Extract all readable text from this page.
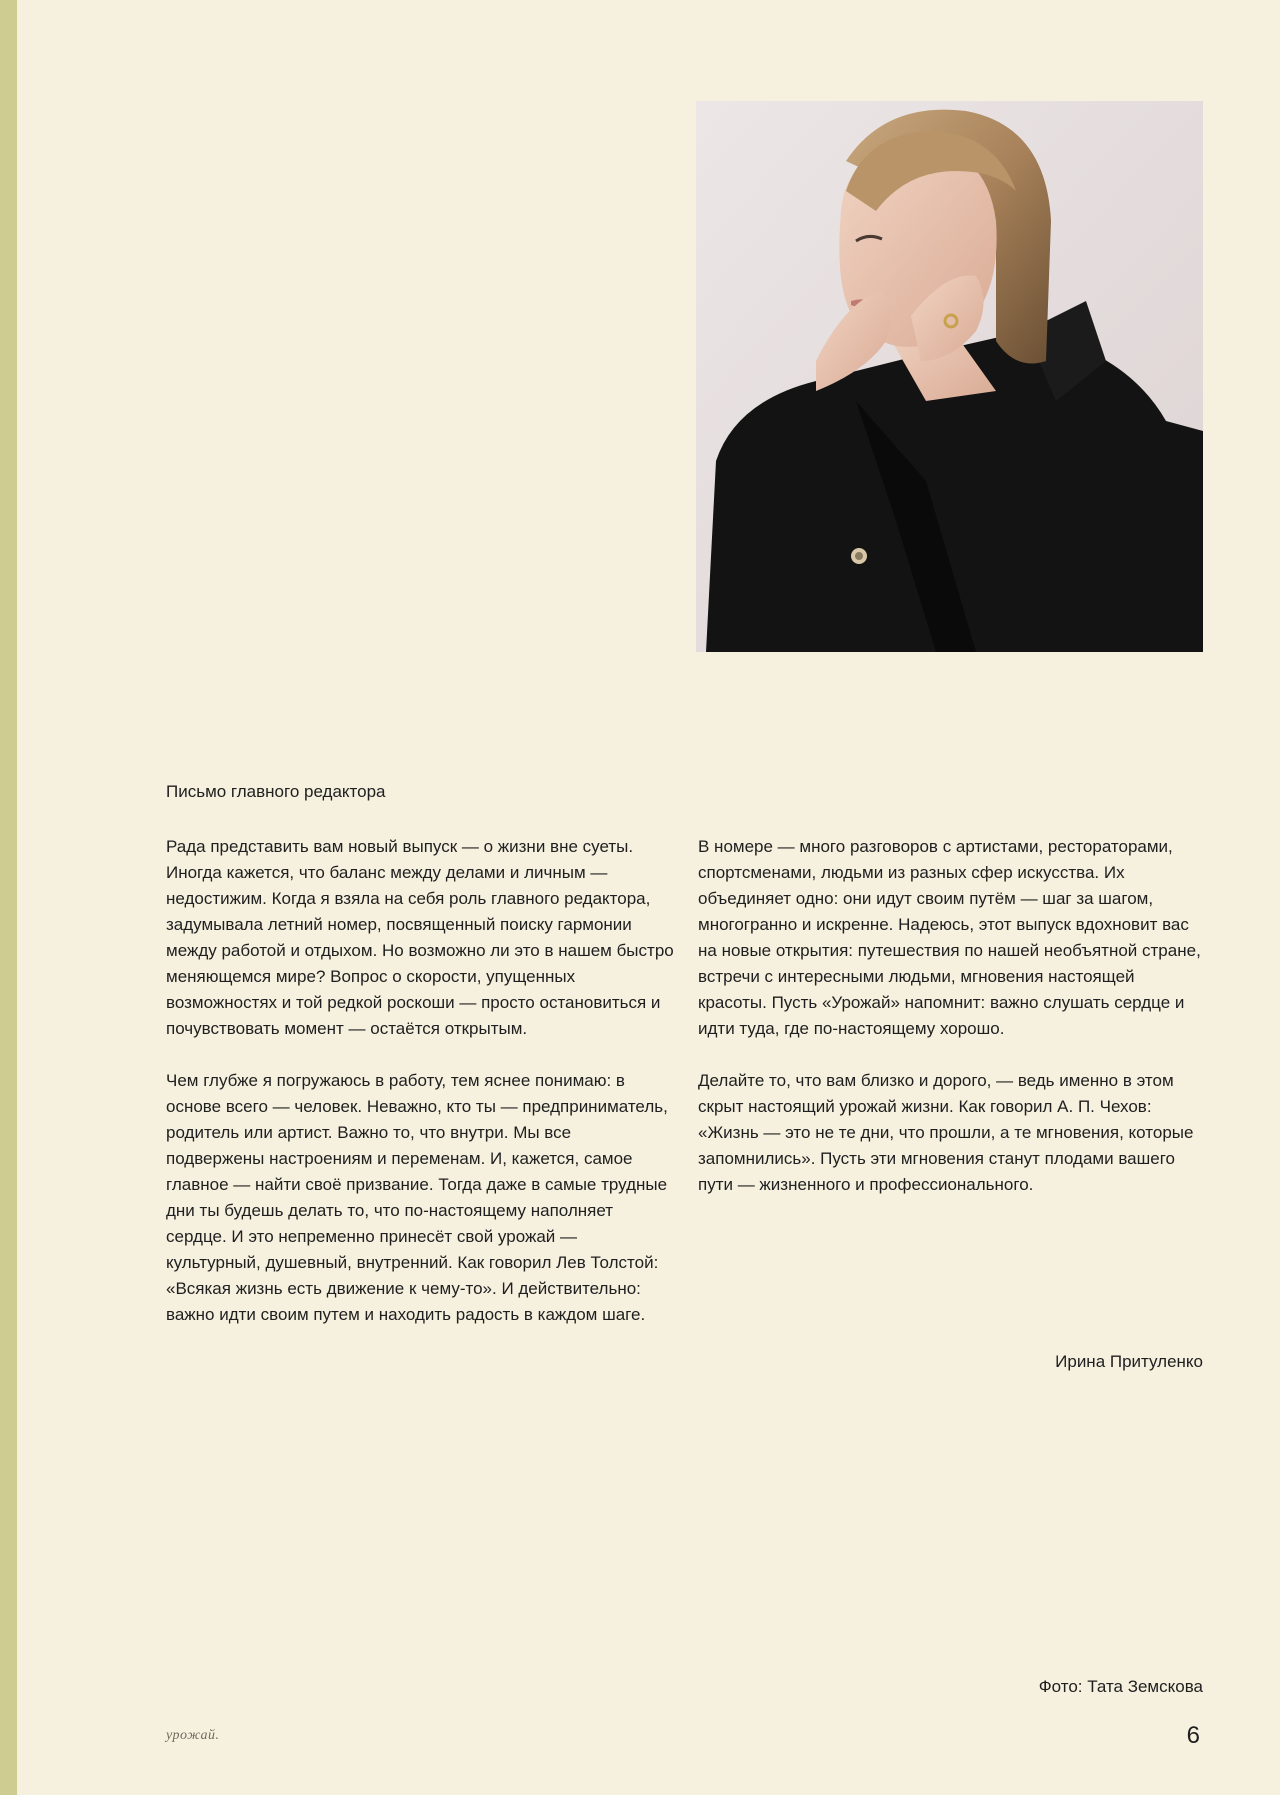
Письмо главного редактора

Рада представить вам новый выпуск — о жизни вне суеты. Иногда кажется, что баланс между делами и личным — недостижим. Когда я взяла на себя роль главного редактора, задумывала летний номер, посвященный поиску гармонии между работой и отдыхом. Но возможно ли это в нашем быстро меняющемся мире? Вопрос о скорости, упущенных возможностях и той редкой роскоши — просто остановиться и почувствовать момент — остаётся открытым.

Чем глубже я погружаюсь в работу, тем яснее понимаю: в основе всего — человек. Неважно, кто ты — предприниматель, родитель или артист. Важно то, что внутри. Мы все подвержены настроениям и переменам. И, кажется, самое главное — найти своё призвание. Тогда даже в самые трудные дни ты будешь делать то, что по-настоящему наполняет сердце. И это непременно принесёт свой урожай — культурный, душевный, внутренний. Как говорил Лев Толстой: «Всякая жизнь есть движение к чему-то». И действительно: важно идти своим путем и находить радость в каждом шаге.

В номере — много разговоров с артистами, рестораторами, спортсменами, людьми из разных сфер искусства. Их объединяет одно: они идут своим путём — шаг за шагом, многогранно и искренне. Надеюсь, этот выпуск вдохновит вас на новые открытия: путешествия по нашей необъятной стране, встречи с интересными людьми, мгновения настоящей красоты. Пусть «Урожай» напомнит: важно слушать сердце и идти туда, где по-настоящему хорошо.

Делайте то, что вам близко и дорого, — ведь именно в этом скрыт настоящий урожай жизни. Как говорил А. П. Чехов: «Жизнь — это не те дни, что прошли, а те мгновения, которые запомнились». Пусть эти мгновения станут плодами вашего пути — жизненного и профессионального.

Ирина Притуленко
Фото: Тата Земскова
урожай.	6
